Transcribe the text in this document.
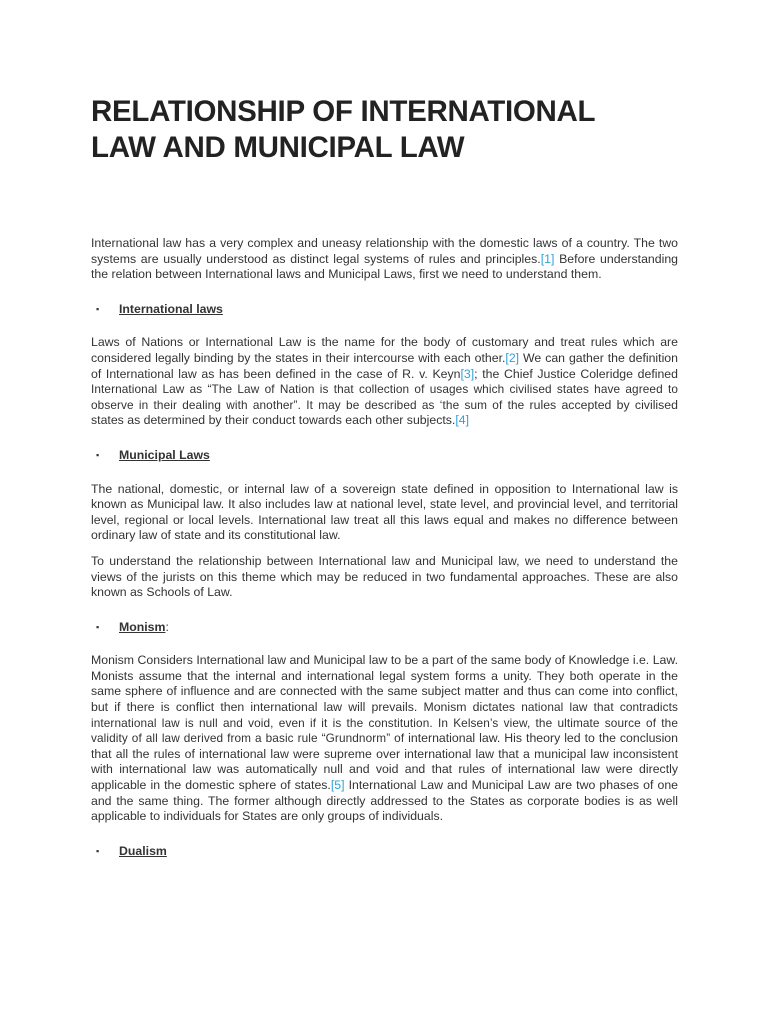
RELATIONSHIP OF INTERNATIONAL
LAW AND MUNICIPAL LAW

International law has a very complex and uneasy relationship with the domestic laws of a country. The two systems are usually understood as distinct legal systems of rules and principles.[1] Before understanding the relation between International laws and Municipal Laws, first we need to understand them.

▪ International laws

Laws of Nations or International Law is the name for the body of customary and treat rules which are considered legally binding by the states in their intercourse with each other.[2] We can gather the definition of International law as has been defined in the case of R. v. Keyn[3]; the Chief Justice Coleridge defined International Law as “The Law of Nation is that collection of usages which civilised states have agreed to observe in their dealing with another”. It may be described as ‘the sum of the rules accepted by civilised states as determined by their conduct towards each other subjects.[4]

▪ Municipal Laws

The national, domestic, or internal law of a sovereign state defined in opposition to International law is known as Municipal law. It also includes law at national level, state level, and provincial level, and territorial level, regional or local levels. International law treat all this laws equal and makes no difference between ordinary law of state and its constitutional law.

To understand the relationship between International law and Municipal law, we need to understand the views of the jurists on this theme which may be reduced in two fundamental approaches. These are also known as Schools of Law.

▪ Monism:

Monism Considers International law and Municipal law to be a part of the same body of Knowledge i.e. Law. Monists assume that the internal and international legal system forms a unity. They both operate in the same sphere of influence and are connected with the same subject matter and thus can come into conflict, but if there is conflict then international law will prevails. Monism dictates national law that contradicts international law is null and void, even if it is the constitution. In Kelsen’s view, the ultimate source of the validity of all law derived from a basic rule “Grundnorm” of international law. His theory led to the conclusion that all the rules of international law were supreme over international law that a municipal law inconsistent with international law was automatically null and void and that rules of international law were directly applicable in the domestic sphere of states.[5] International Law and Municipal Law are two phases of one and the same thing. The former although directly addressed to the States as corporate bodies is as well applicable to individuals for States are only groups of individuals.

▪ Dualism
